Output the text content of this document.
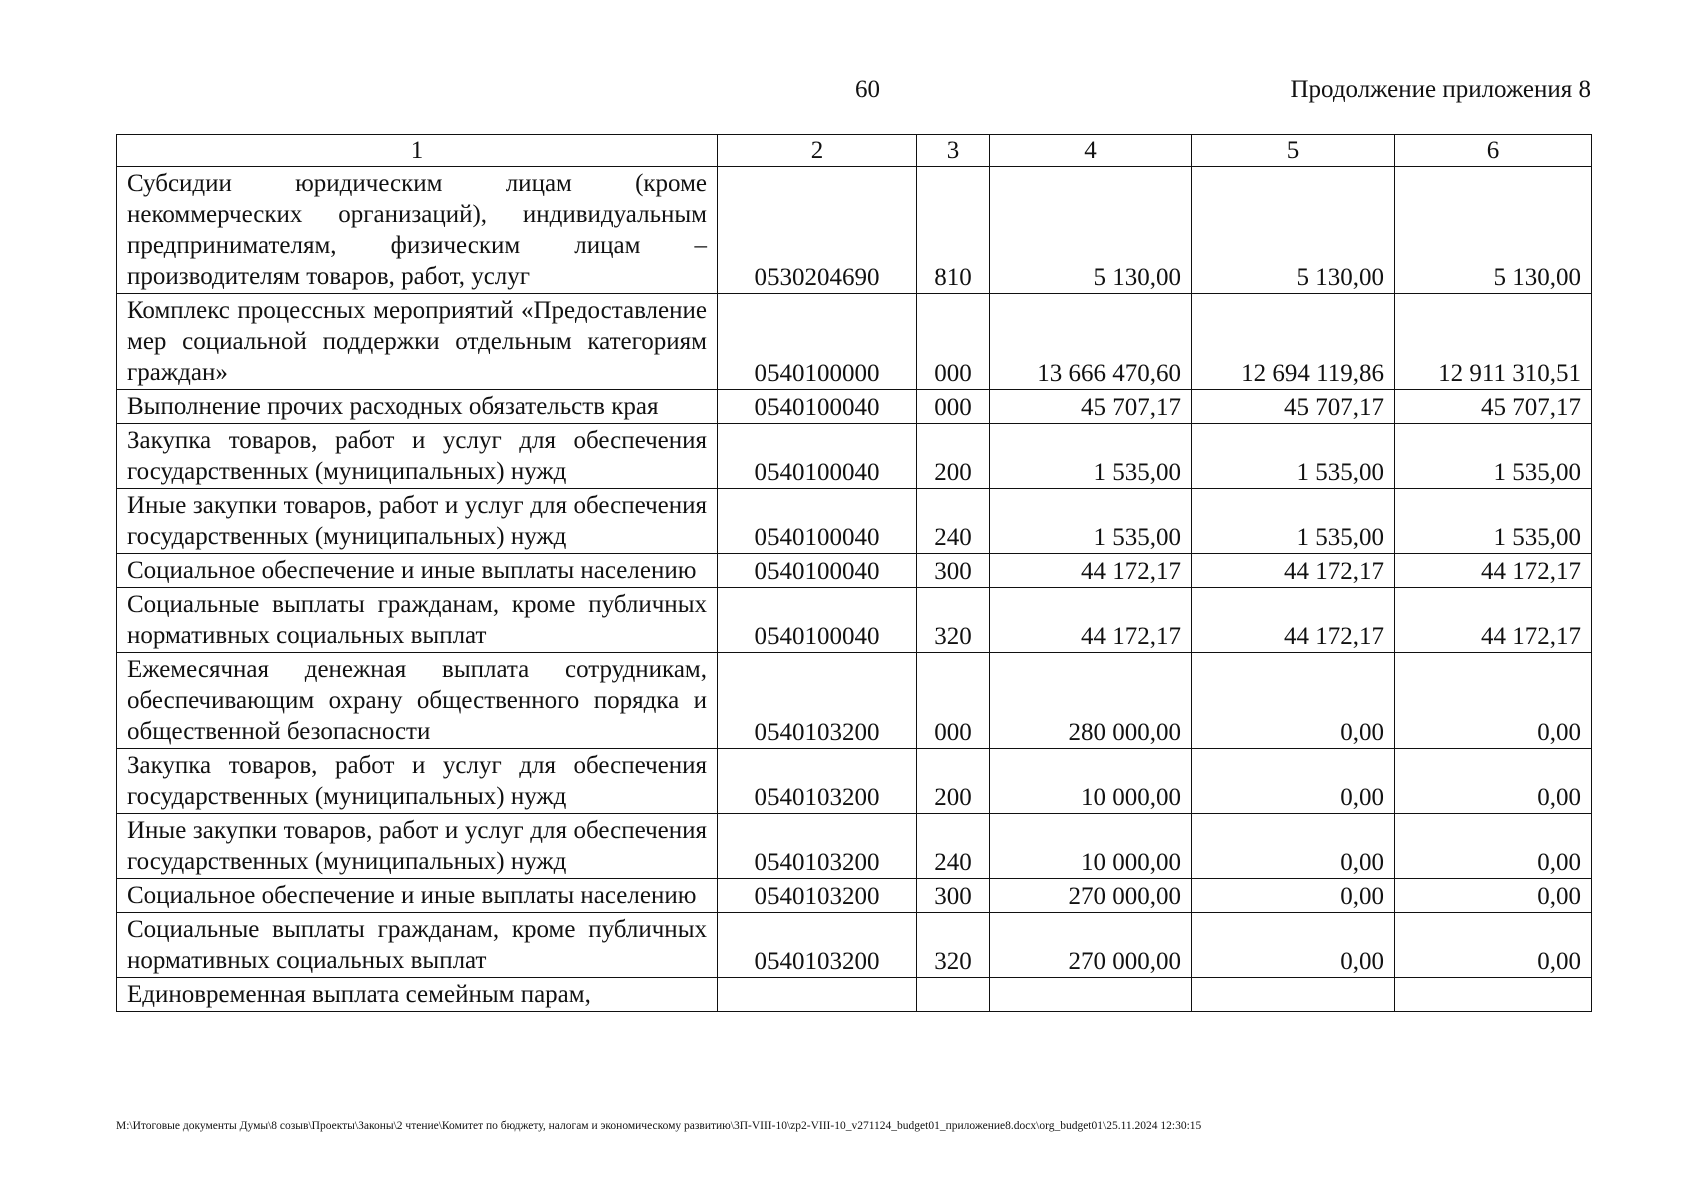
60	Продолжение приложения 8
1	2	3	4	5	6
Субсидии юридическим лицам (кроме некоммерческих организаций), индивидуальным предпринимателям, физическим лицам – производителям товаров, работ, услуг	0530204690	810	5 130,00	5 130,00	5 130,00
Комплекс процессных мероприятий «Предоставление мер социальной поддержки отдельным категориям граждан»	0540100000	000	13 666 470,60	12 694 119,86	12 911 310,51
Выполнение прочих расходных обязательств края	0540100040	000	45 707,17	45 707,17	45 707,17
Закупка товаров, работ и услуг для обеспечения государственных (муниципальных) нужд	0540100040	200	1 535,00	1 535,00	1 535,00
Иные закупки товаров, работ и услуг для обеспечения государственных (муниципальных) нужд	0540100040	240	1 535,00	1 535,00	1 535,00
Социальное обеспечение и иные выплаты населению	0540100040	300	44 172,17	44 172,17	44 172,17
Социальные выплаты гражданам, кроме публичных нормативных социальных выплат	0540100040	320	44 172,17	44 172,17	44 172,17
Ежемесячная денежная выплата сотрудникам, обеспечивающим охрану общественного порядка и общественной безопасности	0540103200	000	280 000,00	0,00	0,00
Закупка товаров, работ и услуг для обеспечения государственных (муниципальных) нужд	0540103200	200	10 000,00	0,00	0,00
Иные закупки товаров, работ и услуг для обеспечения государственных (муниципальных) нужд	0540103200	240	10 000,00	0,00	0,00
Социальное обеспечение и иные выплаты населению	0540103200	300	270 000,00	0,00	0,00
Социальные выплаты гражданам, кроме публичных нормативных социальных выплат	0540103200	320	270 000,00	0,00	0,00
Единовременная выплата семейным парам,					
M:\Итоговые документы Думы\8 созыв\Проекты\Законы\2 чтение\Комитет по бюджету, налогам и экономическому развитию\3П-VIII-10\zp2-VIII-10_v271124_budget01_приложение8.docx\org_budget01\25.11.2024 12:30:15
